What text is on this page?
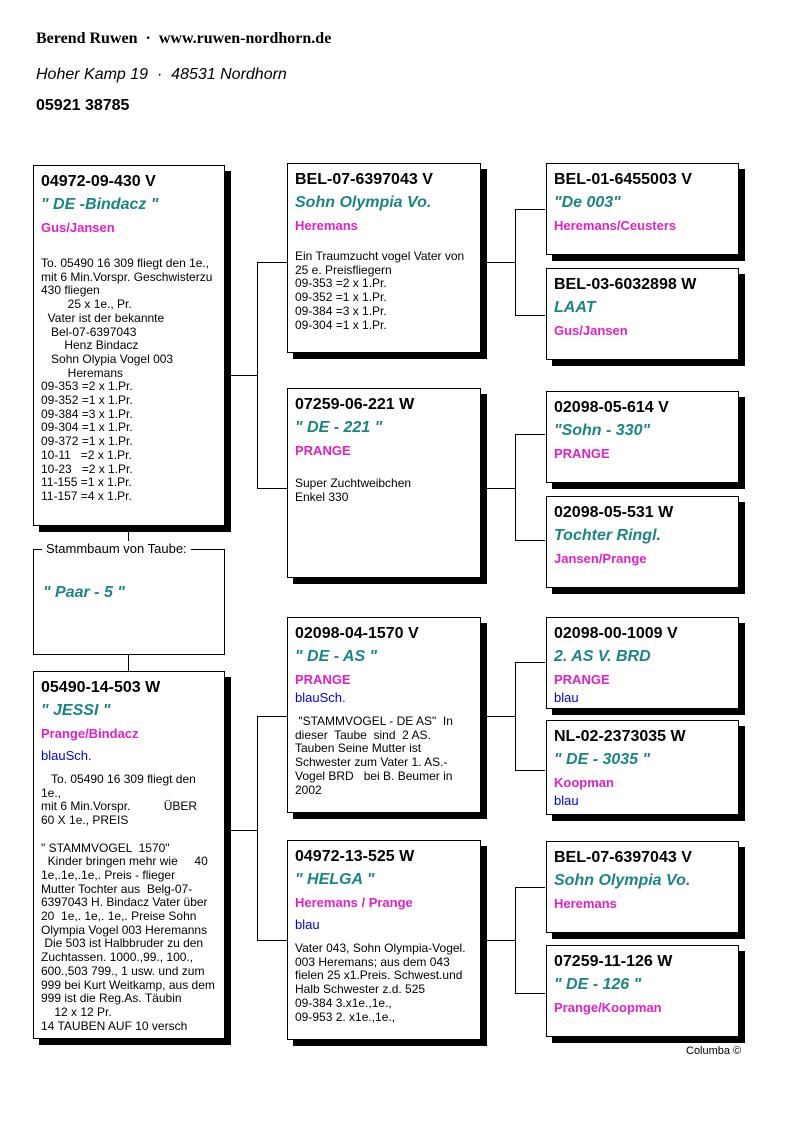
Berend Ruwen  ·  www.ruwen-nordhorn.de
Hoher Kamp 19  ·  48531 Nordhorn
05921 38785
04972-09-430 V
" DE -Bindacz "
Gus/Jansen
To. 05490 16 309 fliegt den 1e.,
mit 6 Min.Vorspr. Geschwisterzu
430 fliegen
25 x 1e., Pr.
Vater ist der bekannte
Bel-07-6397043
Henz Bindacz
Sohn Olypia Vogel 003
Heremans
09-353 =2 x 1.Pr.
09-352 =1 x 1.Pr.
09-384 =3 x 1.Pr.
09-304 =1 x 1.Pr.
09-372 =1 x 1.Pr.
10-11   =2 x 1.Pr.
10-23   =2 x 1.Pr.
11-155 =1 x 1.Pr.
11-157 =4 x 1.Pr.
Stammbaum von Taube:
" Paar - 5 "
05490-14-503 W
" JESSI "
Prange/Bindacz
blauSch.
To. 05490 16 309 fliegt den 1e.,
mit 6 Min.Vorspr.          ÜBER
60 X 1e., PREIS

" STAMMVOGEL  1570"
Kinder bringen mehr wie     40
1e,.1e,.1e,. Preis - flieger
Mutter Tochter aus  Belg-07-
6397043 H. Bindacz Vater über
20  1e,. 1e,. 1e,. Preise Sohn
Olympia Vogel 003 Heremanns
Die 503 ist Halbbruder zu den
Zuchtassen. 1000.,99., 100.,
600.,503 799., 1 usw. und zum
999 bei Kurt Weitkamp, aus dem
999 ist die Reg.As. Täubin
12 x 12 Pr.
14 TAUBEN AUF 10 versch
BEL-07-6397043 V
Sohn Olympia Vo.
Heremans
Ein Traumzucht vogel Vater von
25 e. Preisfliegern
09-353 =2 x 1.Pr.
09-352 =1 x 1.Pr.
09-384 =3 x 1.Pr.
09-304 =1 x 1.Pr.
07259-06-221 W
" DE - 221 "
PRANGE
Super Zuchtweibchen
Enkel 330
02098-04-1570 V
" DE - AS "
PRANGE
blauSch.
"STAMMVOGEL - DE AS"  In
dieser  Taube  sind  2 AS.
Tauben Seine Mutter ist
Schwester zum Vater 1. AS.-
Vogel BRD   bei B. Beumer in
2002
04972-13-525 W
" HELGA "
Heremans / Prange
blau
Vater 043, Sohn Olympia-Vogel.
003 Heremans; aus dem 043
fielen 25 x1.Preis. Schwest.und
Halb Schwester z.d. 525
09-384 3.x1e.,1e.,
09-953 2. x1e.,1e.,
BEL-01-6455003 V
"De 003"
Heremans/Ceusters
BEL-03-6032898 W
LAAT
Gus/Jansen
02098-05-614 V
"Sohn - 330"
PRANGE
02098-05-531 W
Tochter Ringl.
Jansen/Prange
02098-00-1009 V
2. AS V. BRD
PRANGE
blau
NL-02-2373035 W
" DE - 3035 "
Koopman
blau
BEL-07-6397043 V
Sohn Olympia Vo.
Heremans
07259-11-126 W
" DE - 126 "
Prange/Koopman
Columba ©
